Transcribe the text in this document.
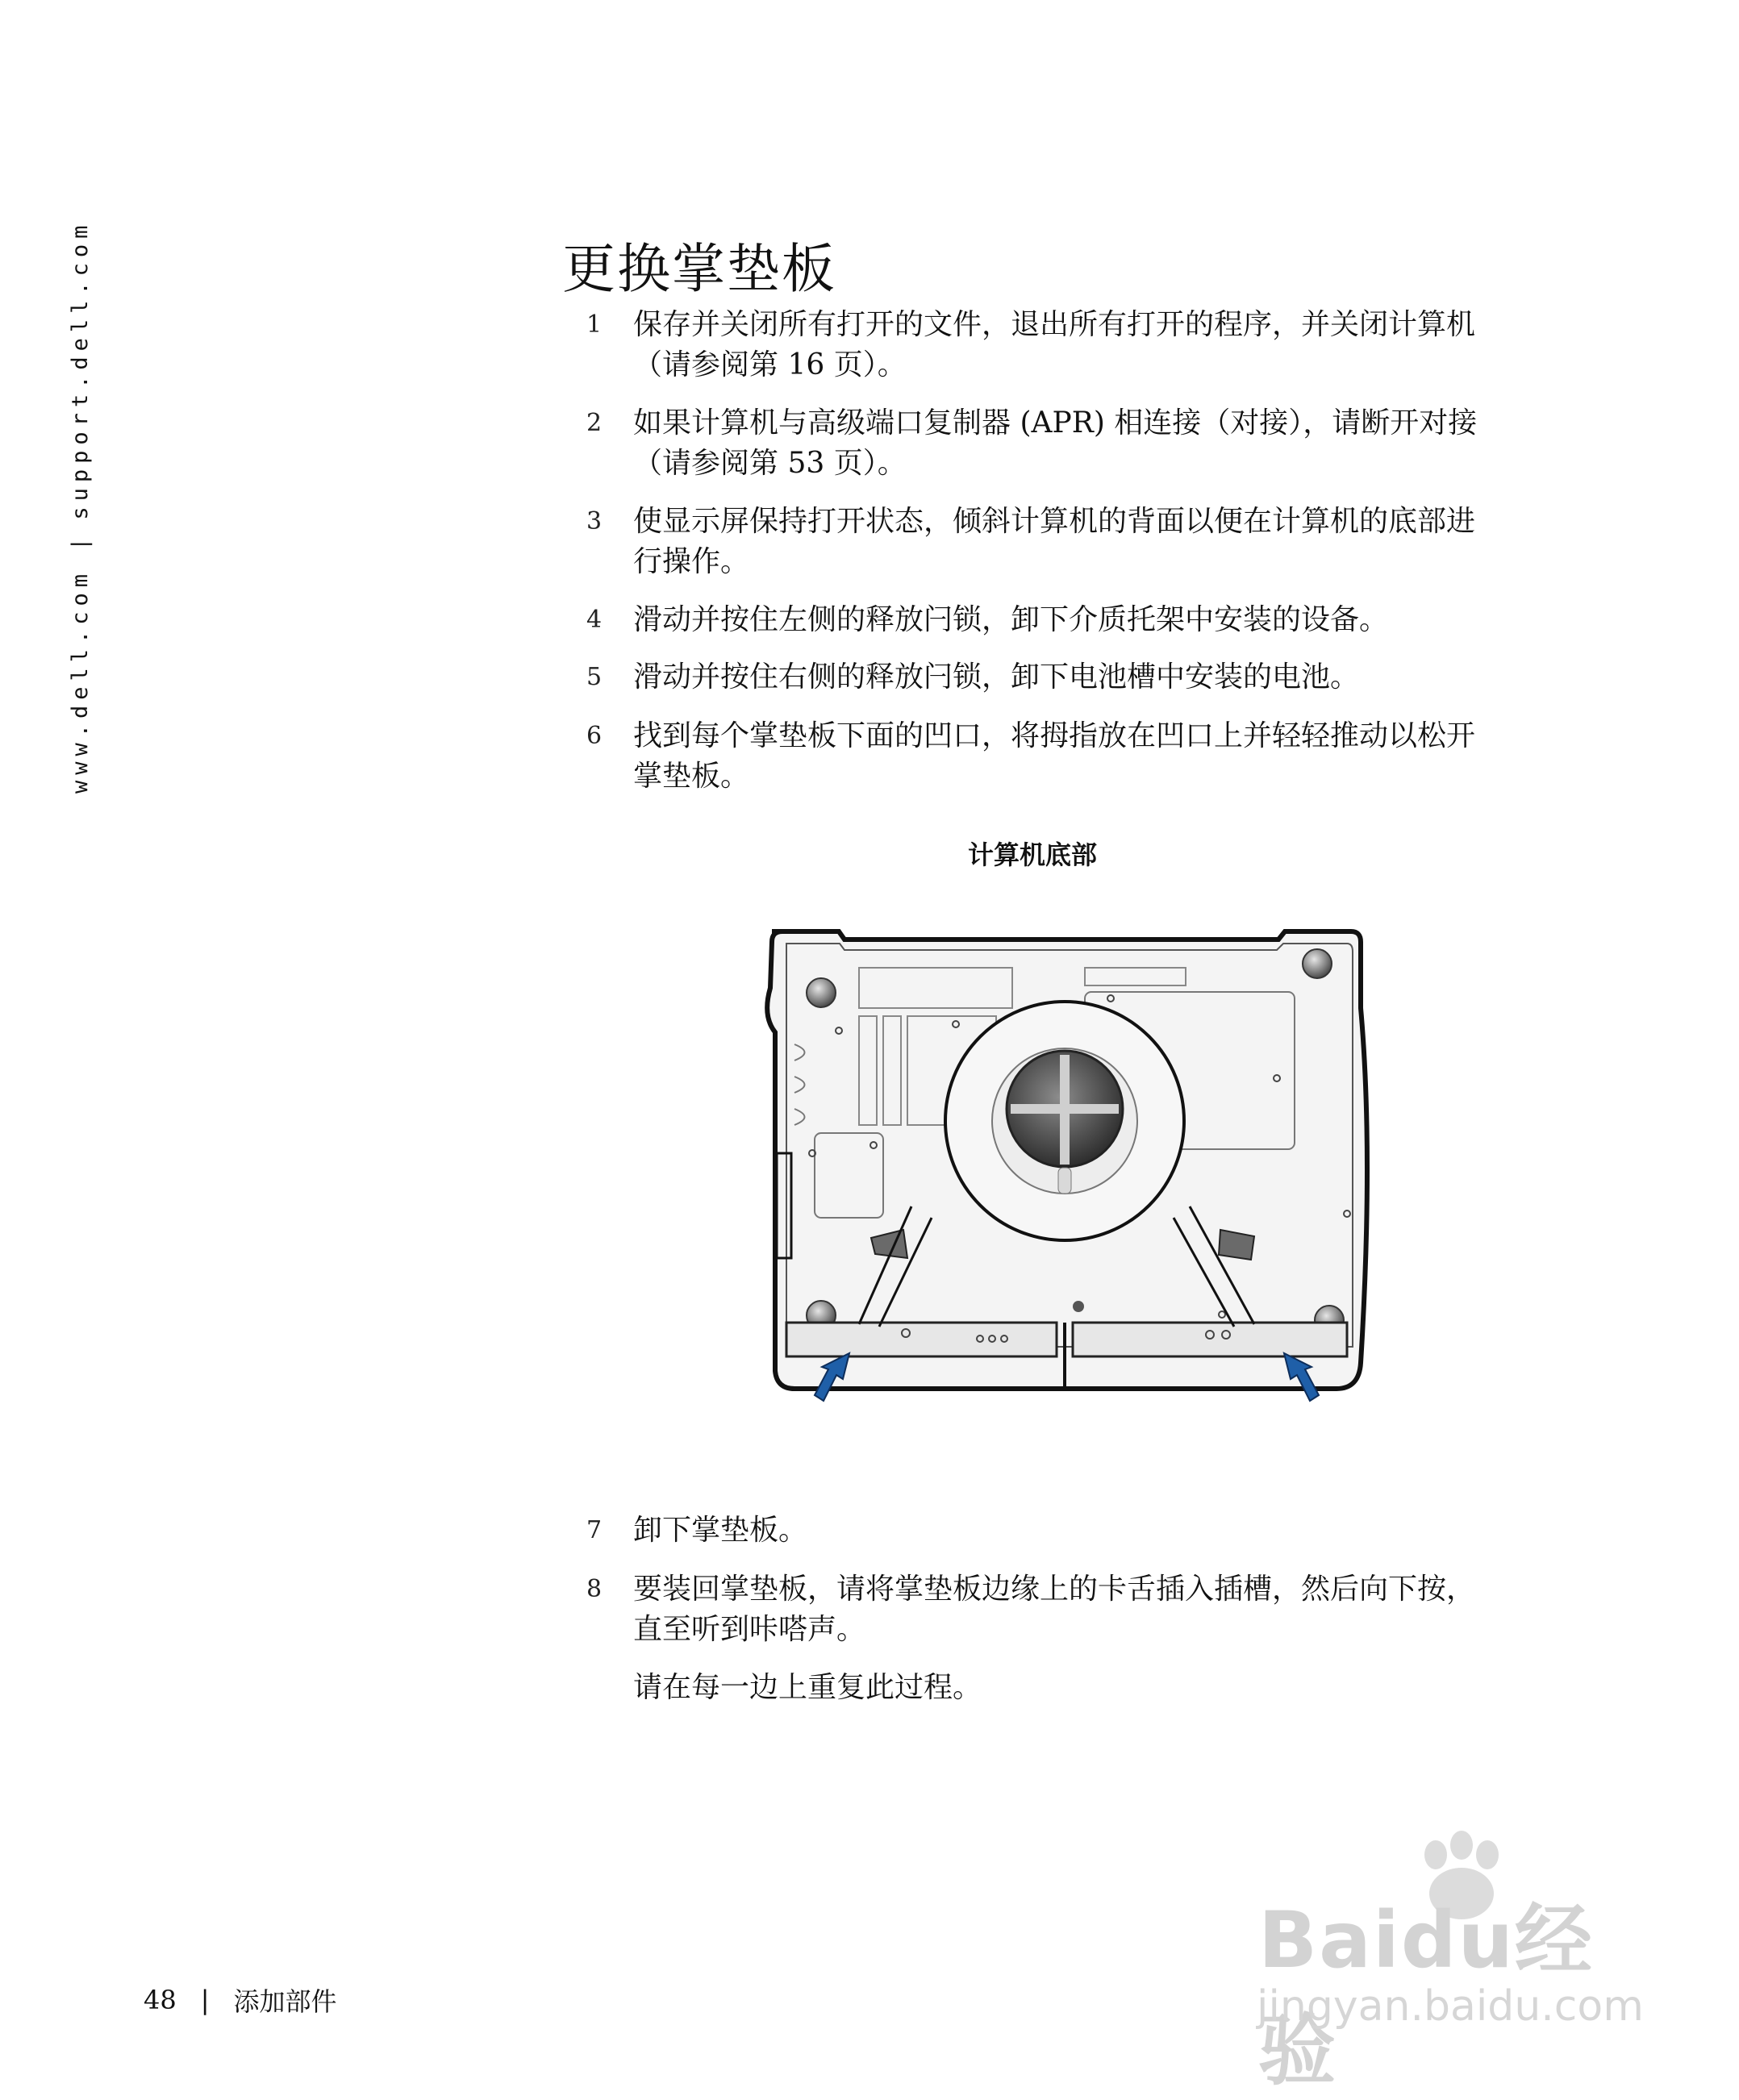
www.dell.com
|
support.dell.com	更换掌垫板
1	保存并关闭所有打开的文件，退出所有打开的程序，并关闭计算机
（请参阅第 16 页）。
2	如果计算机与高级端口复制器 (APR) 相连接（对接），请断开对接
（请参阅第 53 页）。
3	使显示屏保持打开状态，倾斜计算机的背面以便在计算机的底部进
行操作。
4	滑动并按住左侧的释放闩锁，卸下介质托架中安装的设备。
5	滑动并按住右侧的释放闩锁，卸下电池槽中安装的电池。
6	找到每个掌垫板下面的凹口，将拇指放在凹口上并轻轻推动以松开
掌垫板。
7	卸下掌垫板。
8	要装回掌垫板，请将掌垫板边缘上的卡舌插入插槽，然后向下按，
直至听到咔嗒声。
请在每一边上重复此过程。
计算机底部
48 | 添加部件
Baidu经验
jingyan.baidu.com
